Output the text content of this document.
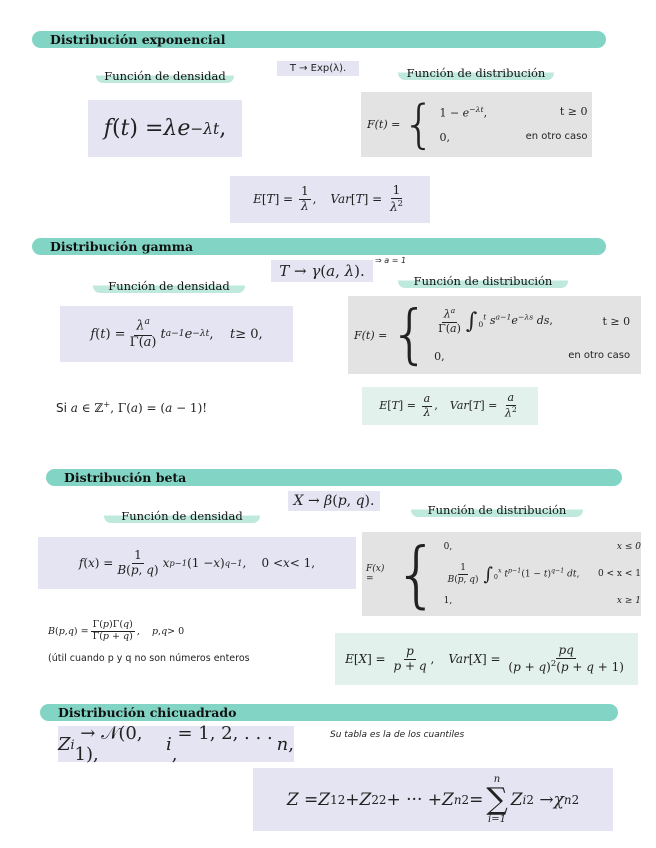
Distribución exponencial
Función de densidad
T → Exp(λ).	Función de distribución
f ( t ) = λe −λt ,	F(t) = { $1 - e^{-\lambda t}$,	t ≥ 0
0,	en otro caso
$E[T] = \frac{1}{\lambda}$ , $Var[T] = \frac{1}{\lambda^2}$
Distribución gamma
Función de densidad
T → γ(a, λ).
⇒ a = 1
Función de distribución
f ( t ) = $\frac{\lambda^a}{\Gamma(a)}$ t a−1 e −λt , t ≥ 0,	F(t) = { $\frac{\lambda^a}{\Gamma(a)} \int_0^t$ $s^{a-1}e^{-\lambda s}$ ds,	t ≥ 0
0,	en otro caso
Si a ∈ ℤ+, Γ(a) = (a − 1)!	$E[T] = \frac{a}{\lambda}$ , $Var[T] = \frac{a}{\lambda^2}$
Distribución beta
X → β(p, q).
Función de densidad	Función de distribución
f ( x ) = $\frac{1}{B(p, q)}$ x p−1 (1 − x ) q−1 ,    0 < x < 1,	F(x) = { 0,	x ≤ 0
$\frac{1}{B(p, q)} \int_0^x$ $t^{p-1}(1 - t)^{q-1}$ dt, 0 < x < 1
1,	x ≥ 1
B ( p , q ) = $\frac{\Gamma(p)\Gamma(q)}{\Gamma(p + q)}$ , p , q > 0
(útil cuando p y q no son números enteros	$E[X] = \frac{p}{p + q}$ , $Var[X] = \frac{pq}{(p + q)^2(p + q + 1)}$
Distribución chicuadrado
Z i → 𝒩(0, 1),	i = 1, 2, . . . ,	n ,	Su tabla es la de los cuantiles
Z = Z 1 2 + Z 2 2 + ··· + Z n 2 =
n
∑
i=1
Z i 2 → χ n 2
